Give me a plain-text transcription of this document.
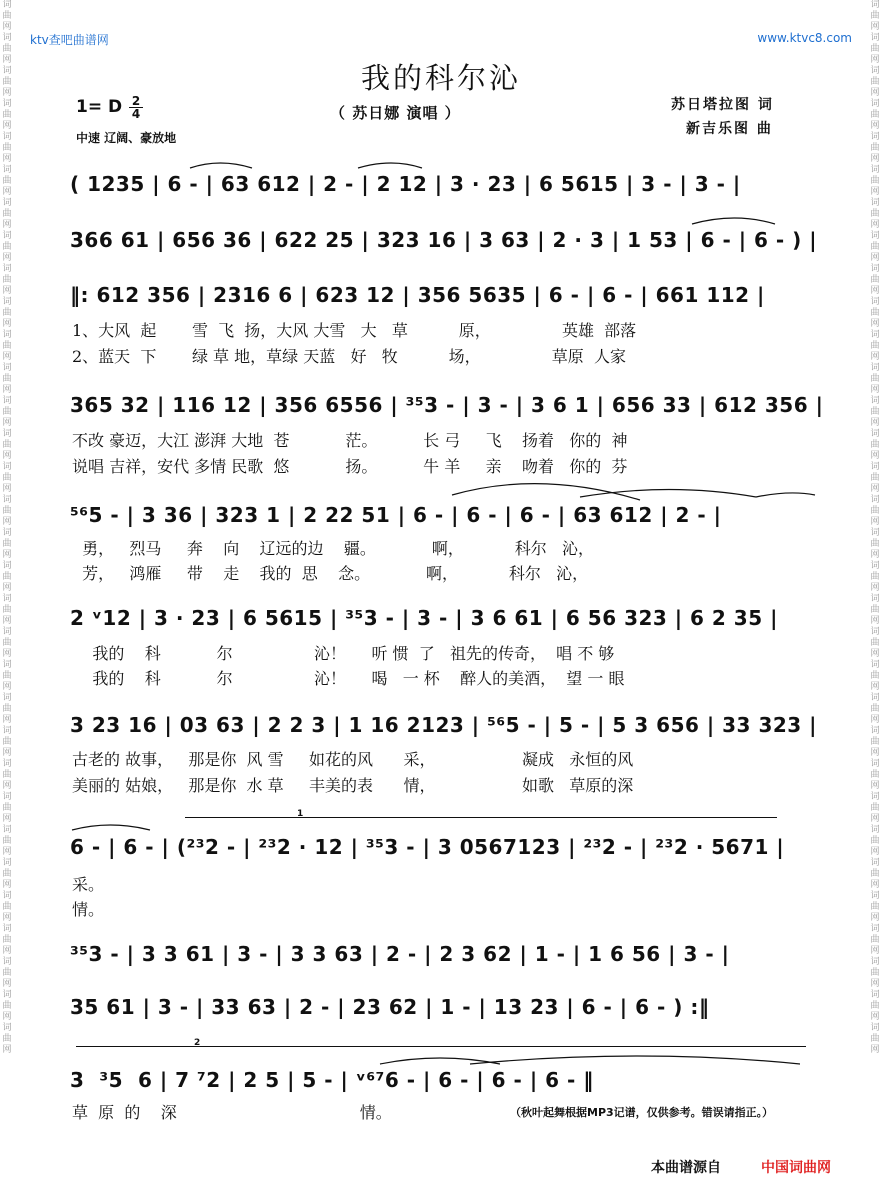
词曲网词曲网词曲网词曲网词曲网词曲网词曲网词曲网词曲网词曲网词曲网词曲网词曲网词曲网词曲网词曲网词曲网词曲网词曲网词曲网词曲网词曲网词曲网词曲网词曲网词曲网词曲网词曲网词曲网词曲网词曲网词曲网
词曲网词曲网词曲网词曲网词曲网词曲网词曲网词曲网词曲网词曲网词曲网词曲网词曲网词曲网词曲网词曲网词曲网词曲网词曲网词曲网词曲网词曲网词曲网词曲网词曲网词曲网词曲网词曲网词曲网词曲网词曲网词曲网
ktv查吧曲谱网	www.ktvc8.com
我的科尔沁
（ 苏日娜 演唱 ）
1= D 2
4
中速 辽阔、豪放地
苏日塔拉图 词
新吉乐图 曲
( 1235 | 6 - | 63 612 | 2 - | 2 12 | 3 · 23 | 6 5615 | 3 - | 3 - |
366 61 | 656 36 | 622 25 | 323 16 | 3 63 | 2 · 3 | 1 53 | 6 - | 6 - ) |
‖: 612 356 | 2316 6 | 623 12 | 356 5635 | 6 - | 6 - | 661 112 |
1、大风  起       雪  飞  扬，大风 大雪   大   草          原，              英雄  部落
2、蓝天  下       绿 草 地，草绿 天蓝   好   牧          场，              草原  人家
365 32 | 116 12 | 356 6556 | ³⁵3 - | 3 - | 3 6 1 | 656 33 | 612 356 |
不改 豪迈，大江 澎湃 大地  苍           茫。         长 弓     飞    扬着   你的  神
说唱 吉祥，安代 多情 民歌  悠           扬。         牛 羊     亲    吻着   你的  芬
⁵⁶5 - | 3 36 | 323 1 | 2 22 51 | 6 - | 6 - | 6 - | 63 612 | 2 - |
勇，   烈马     奔    向    辽远的边    疆。           啊，          科尔   沁，
芳，   鸿雁     带    走    我的  思    念。           啊，          科尔   沁，
2 ᵛ12 | 3 · 23 | 6 5615 | ³⁵3 - | 3 - | 3 6 61 | 6 56 323 | 6 2 35 |
我的    科           尔                沁！     听 惯  了   祖先的传奇，  唱 不 够
我的    科           尔                沁！     喝   一 杯    醉人的美酒，  望 一 眼
3 23 16 | 03 63 | 2 2 3 | 1 16 2123 | ⁵⁶5 - | 5 - | 5 3 656 | 33 323 |
古老的 故事，   那是你  风 雪     如花的风      采，                 凝成   永恒的风
美丽的 姑娘，   那是你  水 草     丰美的表      情，                 如歌   草原的深
1
6 - | 6 - | (²³2 - | ²³2 · 12 | ³⁵3 - | 3 0567123 | ²³2 - | ²³2 · 5671 |
采。
情。
³⁵3 - | 3 3 61 | 3 - | 3 3 63 | 2 - | 2 3 62 | 1 - | 1 6 56 | 3 - |
35 61 | 3 - | 33 63 | 2 - | 23 62 | 1 - | 13 23 | 6 - | 6 - ) :‖
2
3  ³5  6 | 7 ⁷2 | 2 5 | 5 - | ᵛ⁶⁷6 - | 6 - | 6 - | 6 - ‖
草  原  的    深                                    情。	（秋叶起舞根据MP3记谱，仅供参考。错误请指正。）
本曲谱源自	中国词曲网
